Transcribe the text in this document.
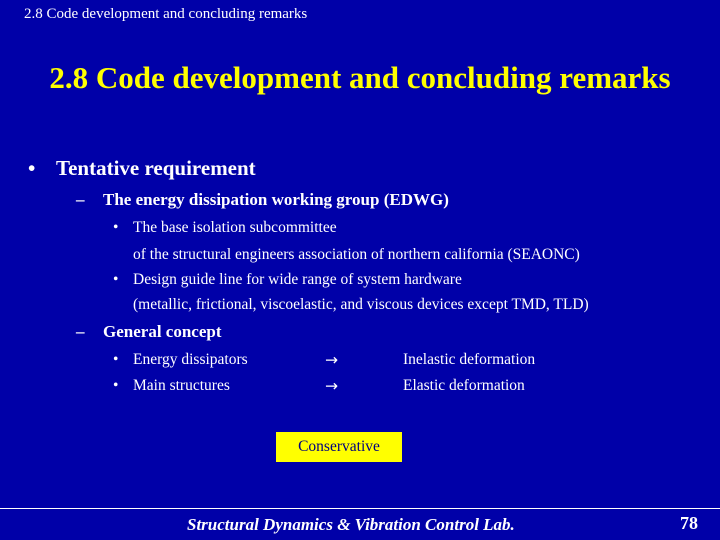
2.8 Code development and concluding remarks
2.8 Code development and concluding remarks
• Tentative requirement
– The energy dissipation working group (EDWG)
• The base isolation subcommittee
of the structural engineers association of northern california (SEAONC)
• Design guide line for wide range of system hardware
(metallic, frictional, viscoelastic, and viscous devices except TMD, TLD)
– General concept
• Energy dissipators	→	Inelastic deformation
• Main structures	→	Elastic deformation
Conservative
Structural Dynamics & Vibration Control Lab.	78
